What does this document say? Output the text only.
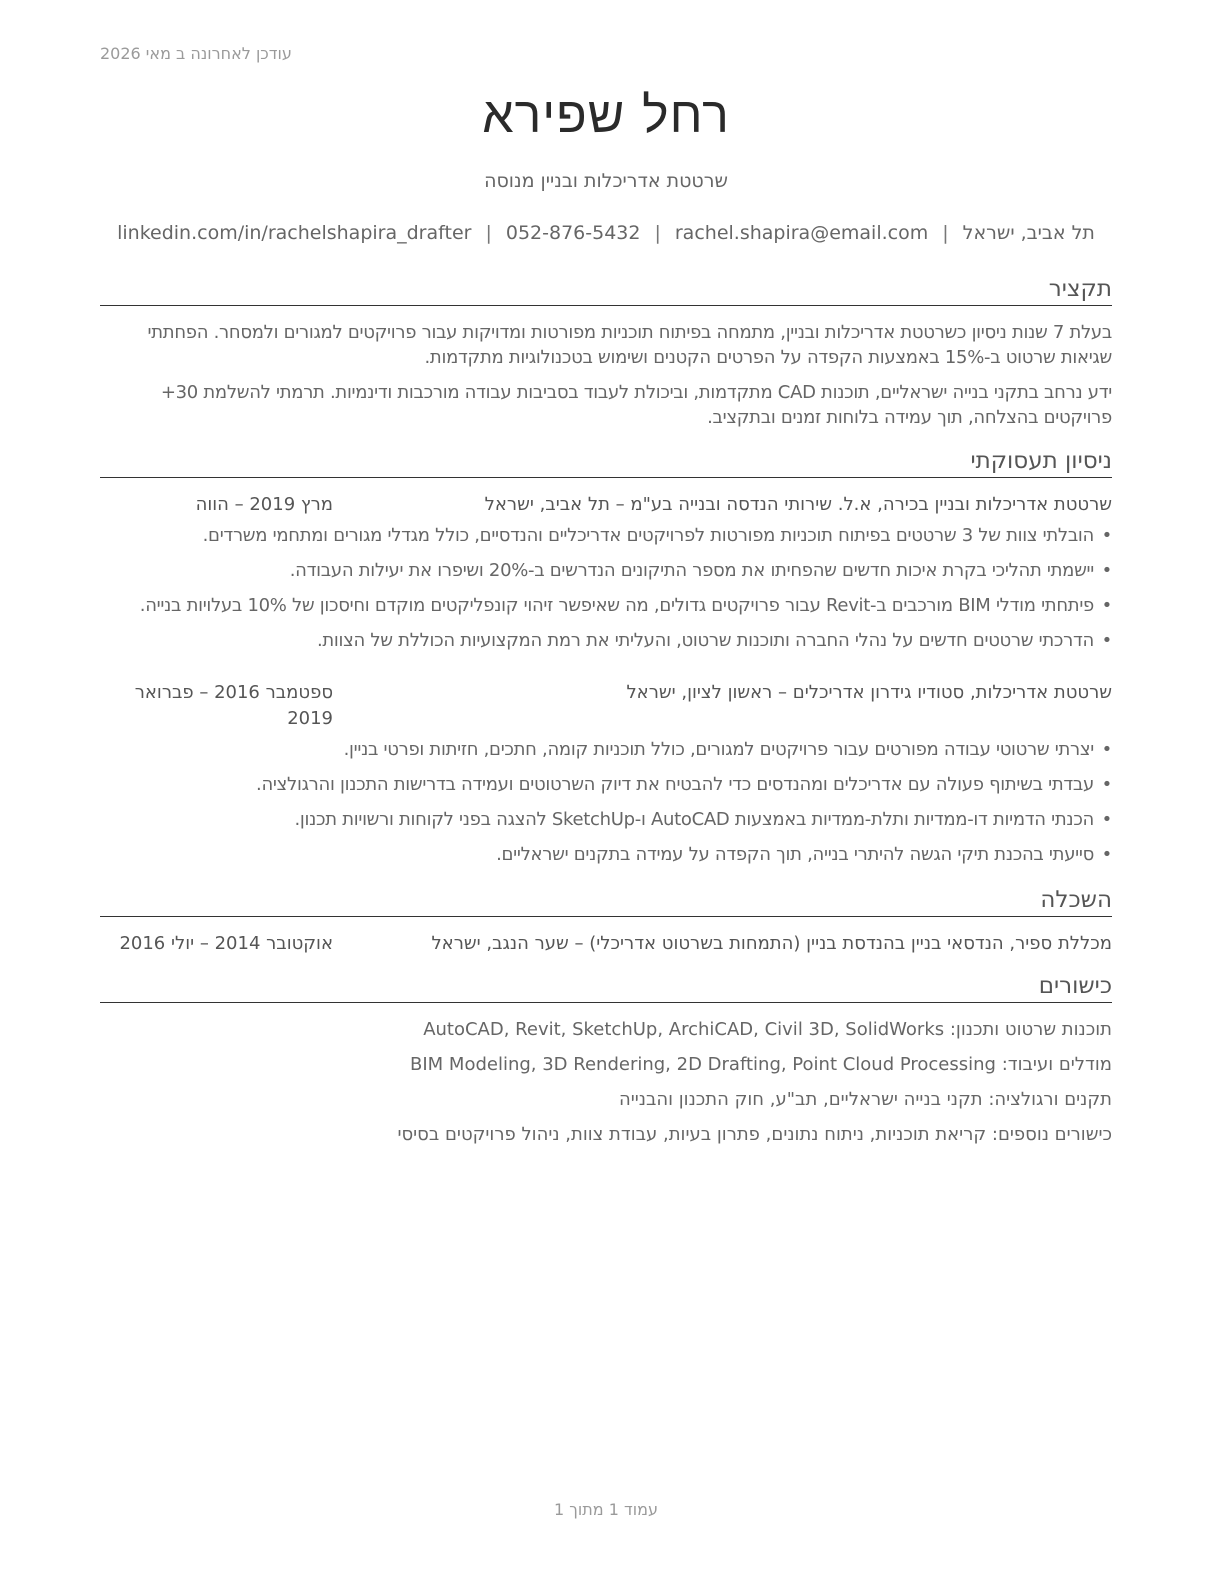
עודכן לאחרונה ב מאי 2026
רחל שפירא
שרטטת אדריכלות ובניין מנוסה
תל אביב, ישראל|rachel.shapira@email.com|052-876-5432|linkedin.com/in/rachelshapira_drafter
תקציר
בעלת 7 שנות ניסיון כשרטטת אדריכלות ובניין, מתמחה בפיתוח תוכניות מפורטות ומדויקות עבור פרויקטים למגורים ולמסחר. הפחתתי שגיאות שרטוט ב-15% באמצעות הקפדה על הפרטים הקטנים ושימוש בטכנולוגיות מתקדמות.
ידע נרחב בתקני בנייה ישראליים, תוכנות CAD מתקדמות, וביכולת לעבוד בסביבות עבודה מורכבות ודינמיות. תרמתי להשלמת 30+ פרויקטים בהצלחה, תוך עמידה בלוחות זמנים ובתקציב.
ניסיון תעסוקתי
שרטטת אדריכלות ובניין בכירה, א.ל. שירותי הנדסה ובנייה בע"מ – תל אביב, ישראל
מרץ 2019 – הווה
• הובלתי צוות של 3 שרטטים בפיתוח תוכניות מפורטות לפרויקטים אדריכליים והנדסיים, כולל מגדלי מגורים ומתחמי משרדים.
• יישמתי תהליכי בקרת איכות חדשים שהפחיתו את מספר התיקונים הנדרשים ב-20% ושיפרו את יעילות העבודה.
• פיתחתי מודלי BIM מורכבים ב-Revit עבור פרויקטים גדולים, מה שאיפשר זיהוי קונפליקטים מוקדם וחיסכון של 10% בעלויות בנייה.
• הדרכתי שרטטים חדשים על נהלי החברה ותוכנות שרטוט, והעליתי את רמת המקצועיות הכוללת של הצוות.
שרטטת אדריכלות, סטודיו גידרון אדריכלים – ראשון לציון, ישראל
ספטמבר 2016 – פברואר 2019
• יצרתי שרטוטי עבודה מפורטים עבור פרויקטים למגורים, כולל תוכניות קומה, חתכים, חזיתות ופרטי בניין.
• עבדתי בשיתוף פעולה עם אדריכלים ומהנדסים כדי להבטיח את דיוק השרטוטים ועמידה בדרישות התכנון והרגולציה.
• הכנתי הדמיות דו-ממדיות ותלת-ממדיות באמצעות AutoCAD ו-SketchUp להצגה בפני לקוחות ורשויות תכנון.
• סייעתי בהכנת תיקי הגשה להיתרי בנייה, תוך הקפדה על עמידה בתקנים ישראליים.
השכלה
מכללת ספיר, הנדסאי בניין בהנדסת בניין (התמחות בשרטוט אדריכלי) – שער הנגב, ישראל
אוקטובר 2014 – יולי 2016
כישורים
תוכנות שרטוט ותכנון: AutoCAD, Revit, SketchUp, ArchiCAD, Civil 3D, SolidWorks
מודלים ועיבוד: BIM Modeling, 3D Rendering, 2D Drafting, Point Cloud Processing
תקנים ורגולציה: תקני בנייה ישראליים, תב"ע, חוק התכנון והבנייה
כישורים נוספים: קריאת תוכניות, ניתוח נתונים, פתרון בעיות, עבודת צוות, ניהול פרויקטים בסיסי
עמוד 1 מתוך 1
